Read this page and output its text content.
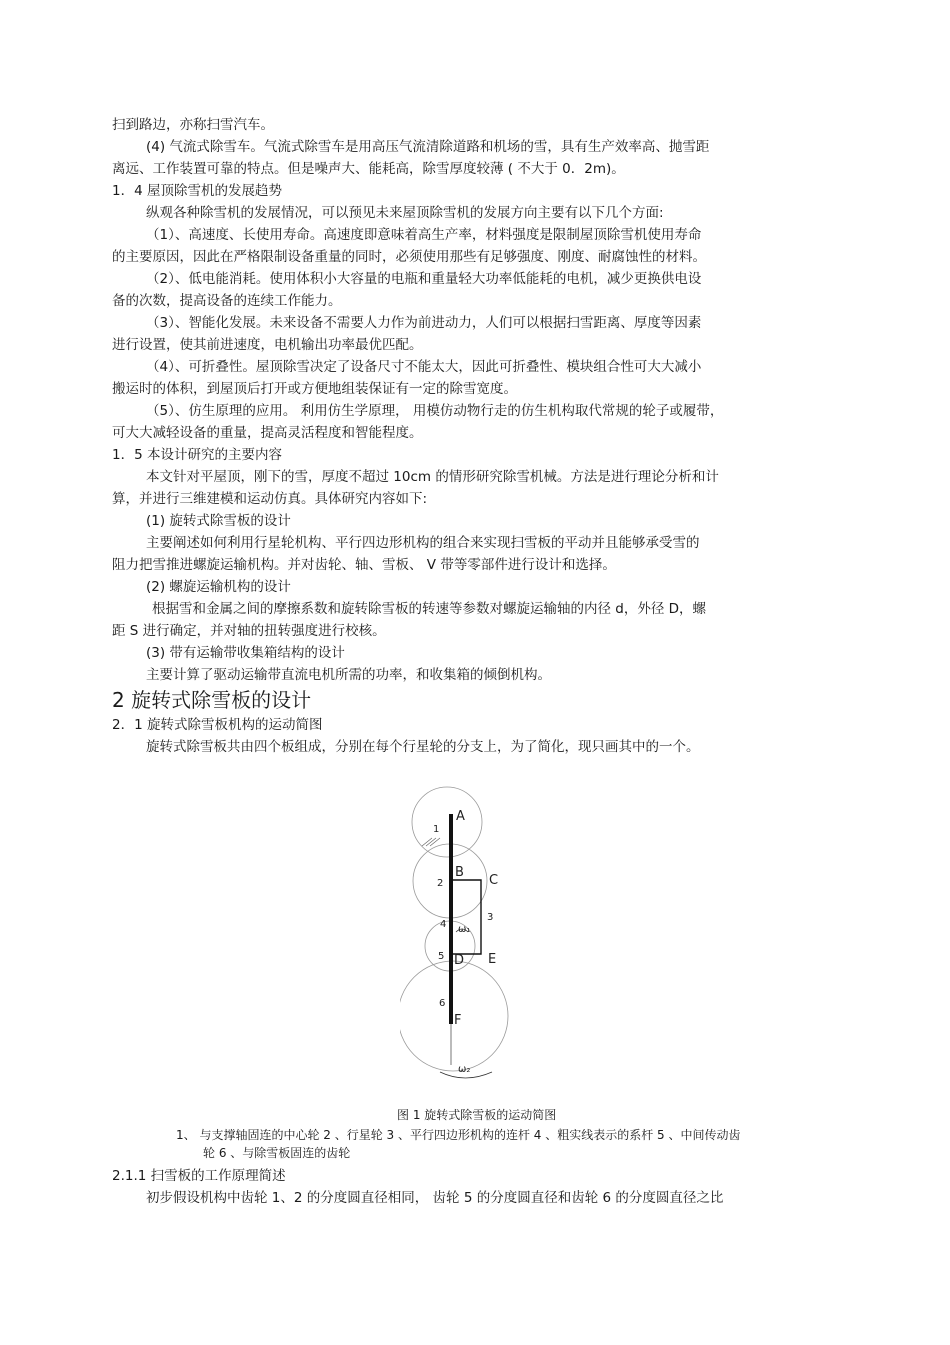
扫到路边，亦称扫雪汽车。
(4) 气流式除雪车。气流式除雪车是用高压气流清除道路和机场的雪，具有生产效率高、抛雪距
离远、工作装置可靠的特点。但是噪声大、能耗高，除雪厚度较薄 ( 不大于 0．2m)。
1．4 屋顶除雪机的发展趋势
纵观各种除雪机的发展情况，可以预见未来屋顶除雪机的发展方向主要有以下几个方面:
（1）、高速度、长使用寿命。高速度即意味着高生产率，材料强度是限制屋顶除雪机使用寿命
的主要原因，因此在严格限制设备重量的同时，必须使用那些有足够强度、刚度、耐腐蚀性的材料。
（2）、低电能消耗。使用体积小大容量的电瓶和重量轻大功率低能耗的电机，减少更换供电设
备的次数，提高设备的连续工作能力。
（3）、智能化发展。未来设备不需要人力作为前进动力，人们可以根据扫雪距离、厚度等因素
进行设置，使其前进速度，电机输出功率最优匹配。
（4）、可折叠性。屋顶除雪决定了设备尺寸不能太大，因此可折叠性、模块组合性可大大减小
搬运时的体积，到屋顶后打开或方便地组装保证有一定的除雪宽度。
（5）、仿生原理的应用。 利用仿生学原理， 用模仿动物行走的仿生机构取代常规的轮子或履带，
可大大减轻设备的重量，提高灵活程度和智能程度。
1．5 本设计研究的主要内容
本文针对平屋顶，刚下的雪，厚度不超过 10cm 的情形研究除雪机械。方法是进行理论分析和计
算，并进行三维建模和运动仿真。具体研究内容如下:
(1) 旋转式除雪板的设计
主要阐述如何利用行星轮机构、平行四边形机构的组合来实现扫雪板的平动并且能够承受雪的
阻力把雪推进螺旋运输机构。并对齿轮、轴、雪板、 V 带等零部件进行设计和选择。
(2) 螺旋运输机构的设计
根据雪和金属之间的摩擦系数和旋转除雪板的转速等参数对螺旋运输轴的内径 d，外径 D，螺
距 S 进行确定，并对轴的扭转强度进行校核。
(3) 带有运输带收集箱结构的设计
主要计算了驱动运输带直流电机所需的功率，和收集箱的倾倒机构。
2 旋转式除雪板的设计
2．1 旋转式除雪板机构的运动简图
旋转式除雪板共由四个板组成，分别在每个行星轮的分支上，为了简化，现只画其中的一个。
A
B
C
E
D
F
1
2
3
4
5
6
ω₁
ω₂
图 1 旋转式除雪板的运动简图
1、 与支撑轴固连的中心轮 2 、行星轮 3 、平行四边形机构的连杆 4 、粗实线表示的系杆 5 、中间传动齿
轮 6 、与除雪板固连的齿轮
2.1.1 扫雪板的工作原理简述
初步假设机构中齿轮 1、2 的分度圆直径相同， 齿轮 5 的分度圆直径和齿轮 6 的分度圆直径之比
